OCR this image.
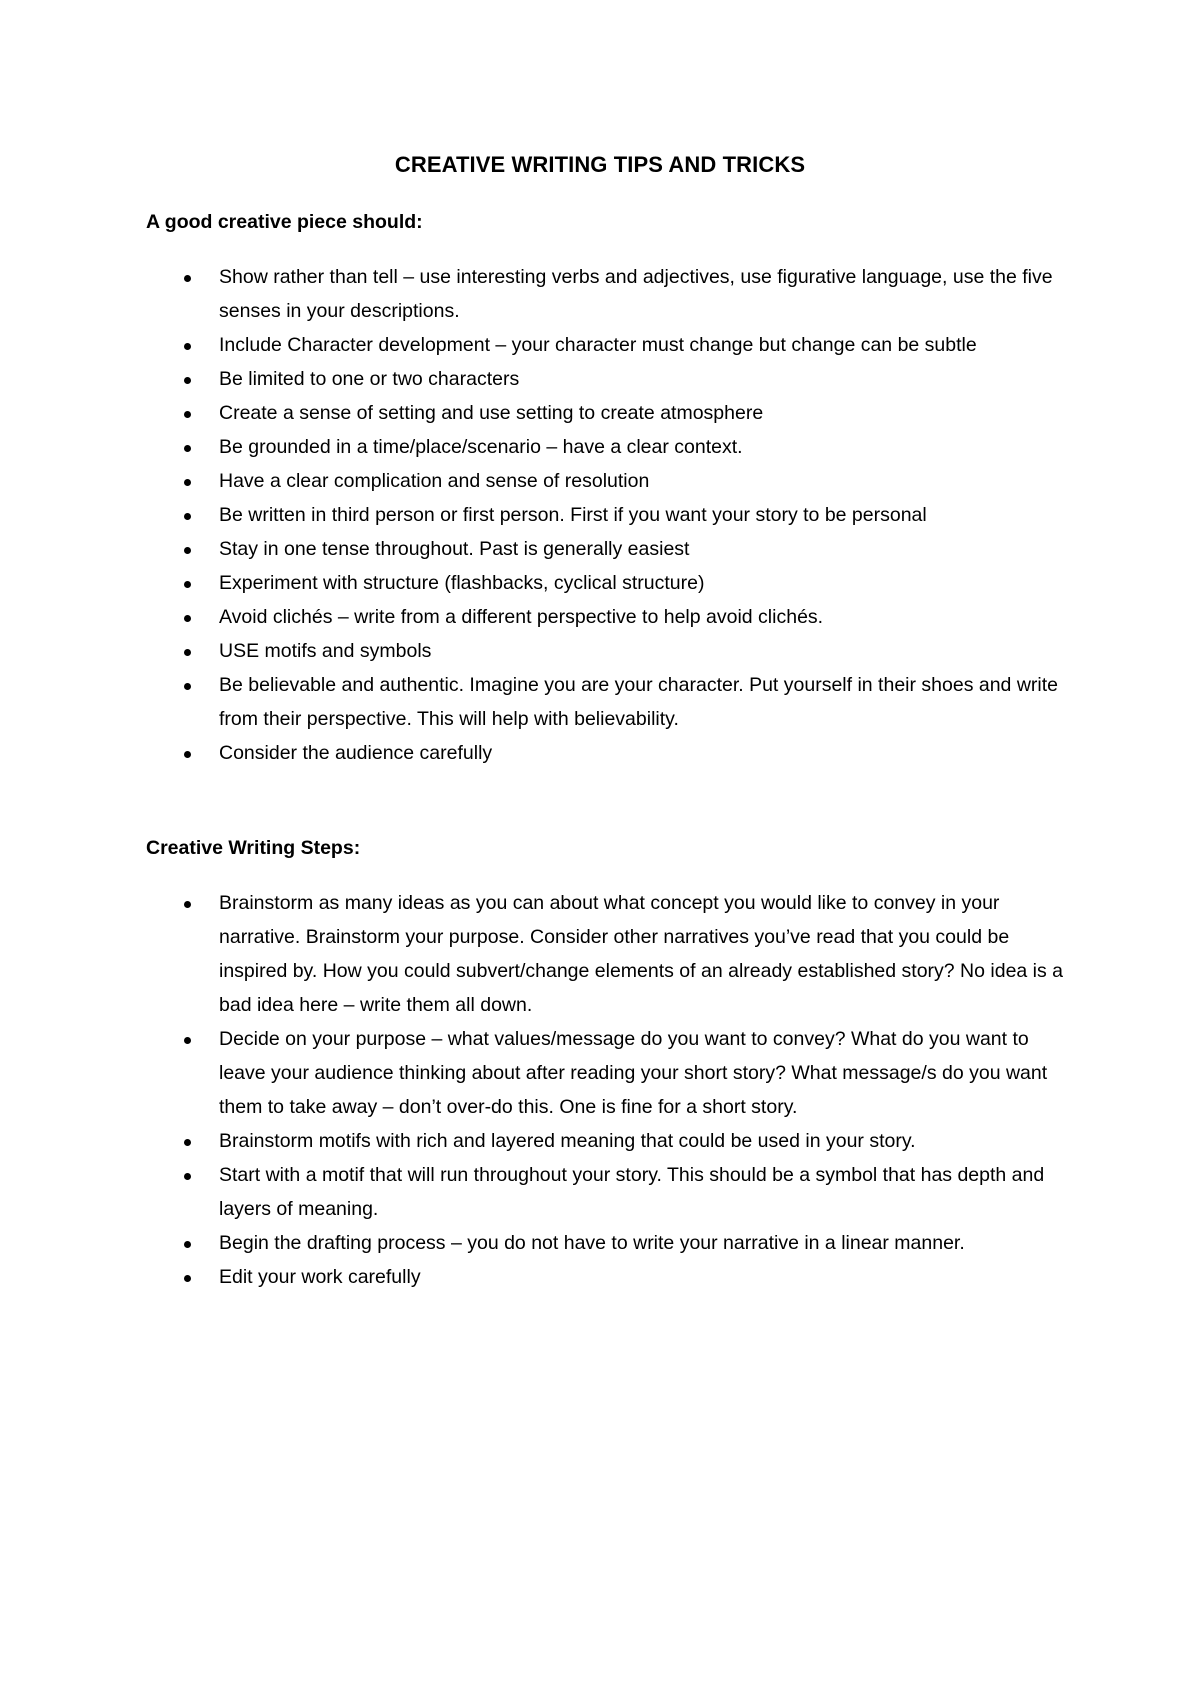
CREATIVE WRITING TIPS AND TRICKS
A good creative piece should:
Show rather than tell – use interesting verbs and adjectives, use figurative language, use the five senses in your descriptions.
Include Character development – your character must change but change can be subtle
Be limited to one or two characters
Create a sense of setting and use setting to create atmosphere
Be grounded in a time/place/scenario – have a clear context.
Have a clear complication and sense of resolution
Be written in third person or first person. First if you want your story to be personal
Stay in one tense throughout. Past is generally easiest
Experiment with structure (flashbacks, cyclical structure)
Avoid clichés – write from a different perspective to help avoid clichés.
USE motifs and symbols
Be believable and authentic. Imagine you are your character. Put yourself in their shoes and write from their perspective. This will help with believability.
Consider the audience carefully
Creative Writing Steps:
Brainstorm as many ideas as you can about what concept you would like to convey in your narrative. Brainstorm your purpose. Consider other narratives you’ve read that you could be inspired by. How you could subvert/change elements of an already established story? No idea is a bad idea here – write them all down.
Decide on your purpose – what values/message do you want to convey? What do you want to leave your audience thinking about after reading your short story? What message/s do you want them to take away – don’t over-do this. One is fine for a short story.
Brainstorm motifs with rich and layered meaning that could be used in your story.
Start with a motif that will run throughout your story. This should be a symbol that has depth and layers of meaning.
Begin the drafting process – you do not have to write your narrative in a linear manner.
Edit your work carefully
